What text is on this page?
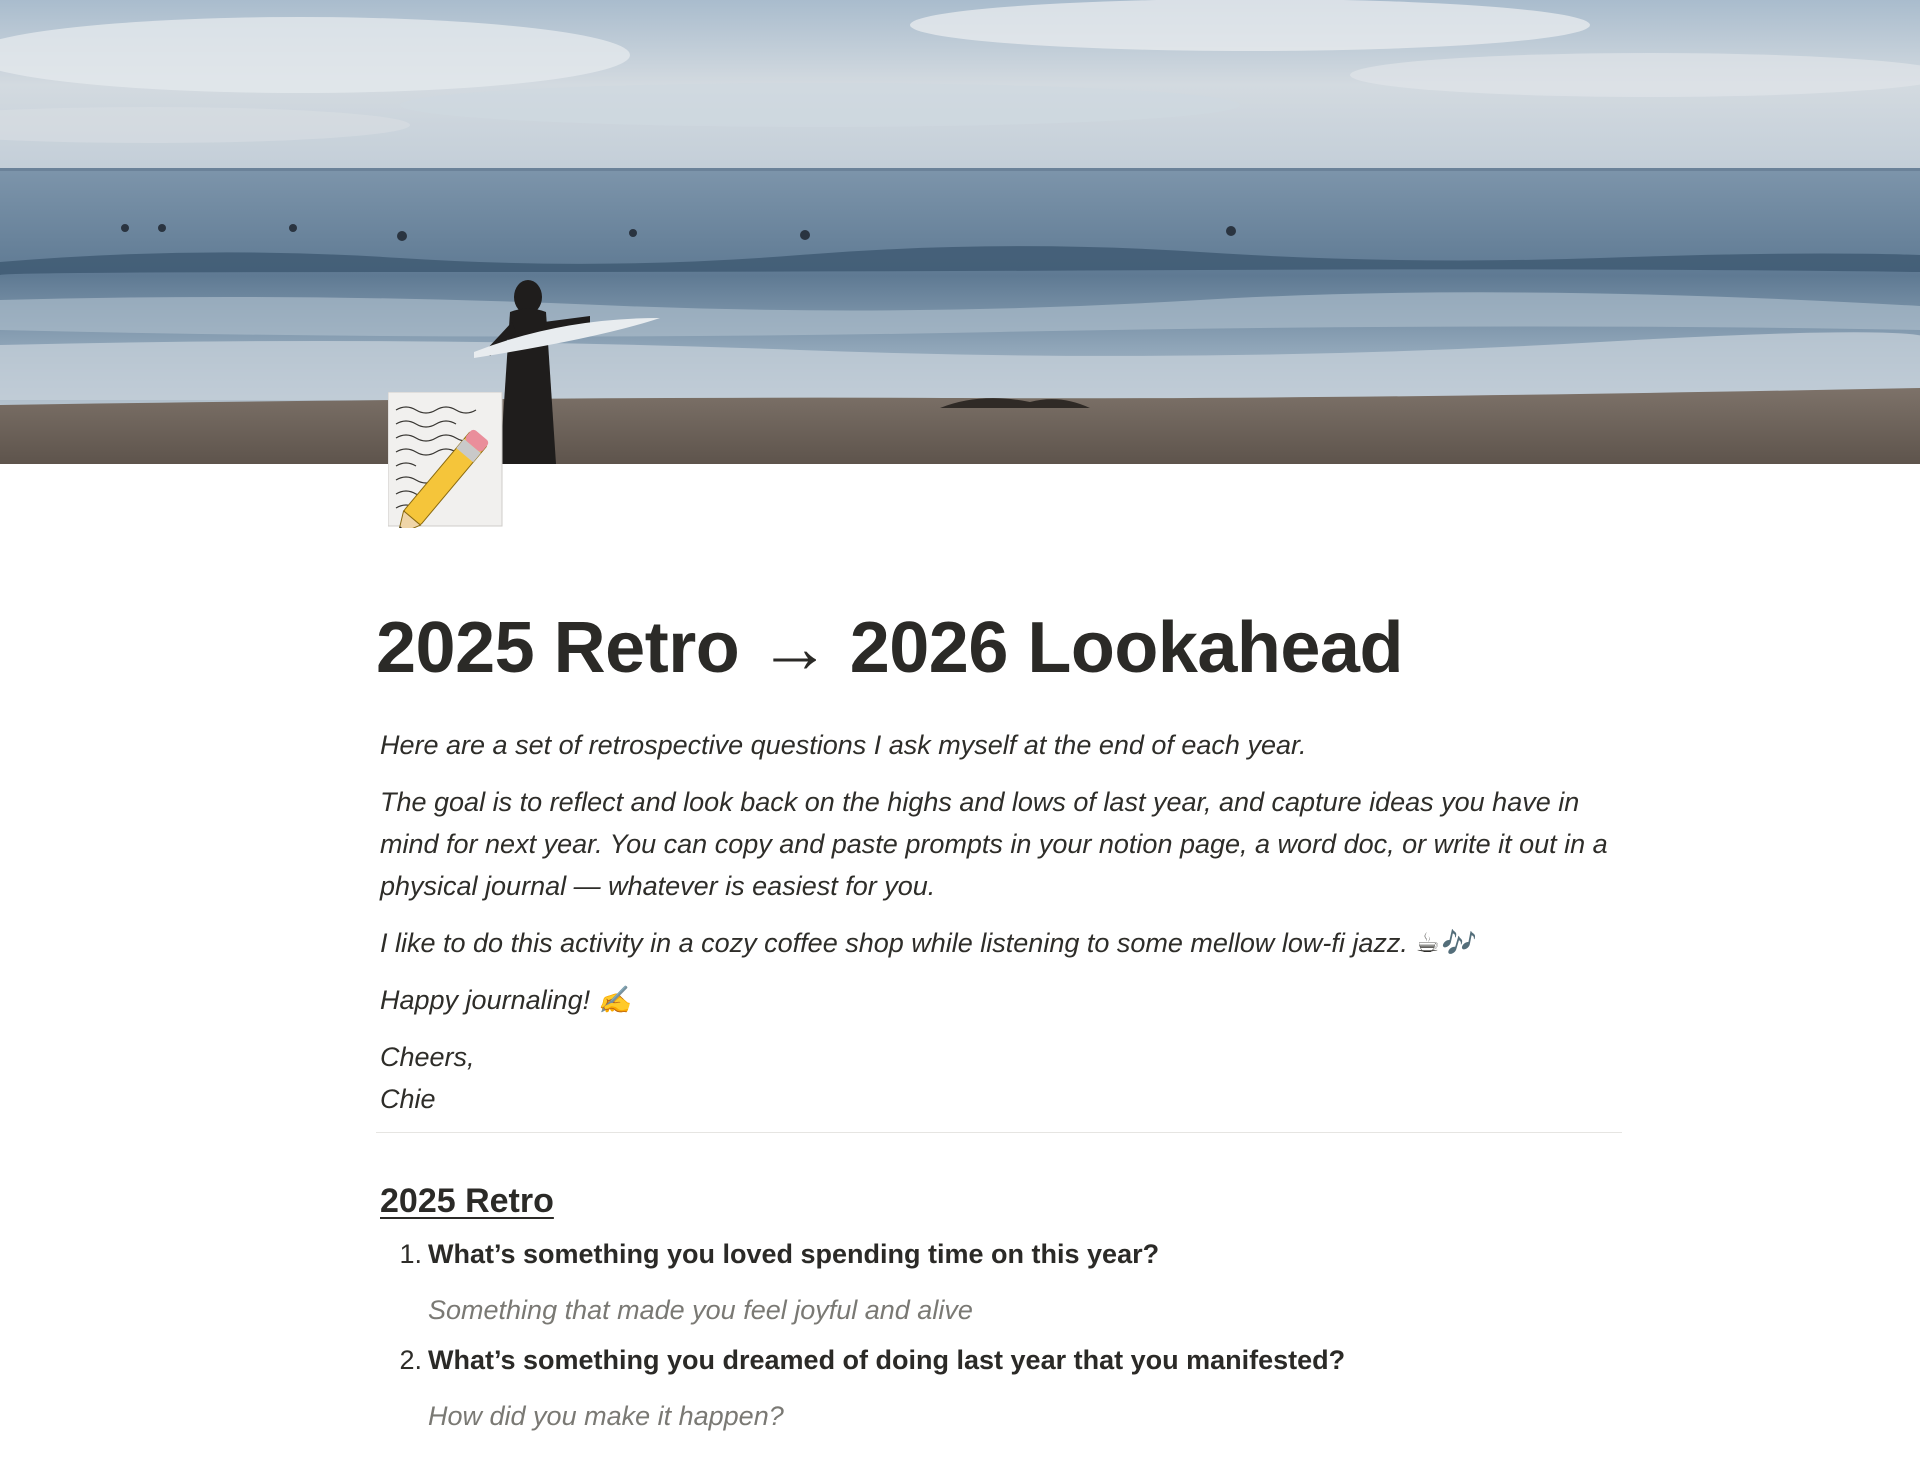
2025 Retro → 2026 Lookahead

Here are a set of retrospective questions I ask myself at the end of each year.

The goal is to reflect and look back on the highs and lows of last year, and capture ideas you have in mind for next year. You can copy and paste prompts in your notion page, a word doc, or write it out in a physical journal — whatever is easiest for you.

I like to do this activity in a cozy coffee shop while listening to some mellow low-fi jazz. ☕🎶

Happy journaling! ✍️

Cheers,

Chie

2025 Retro
1. What’s something you loved spending time on this year?
Something that made you feel joyful and alive
2. What’s something you dreamed of doing last year that you manifested?
How did you make it happen?
